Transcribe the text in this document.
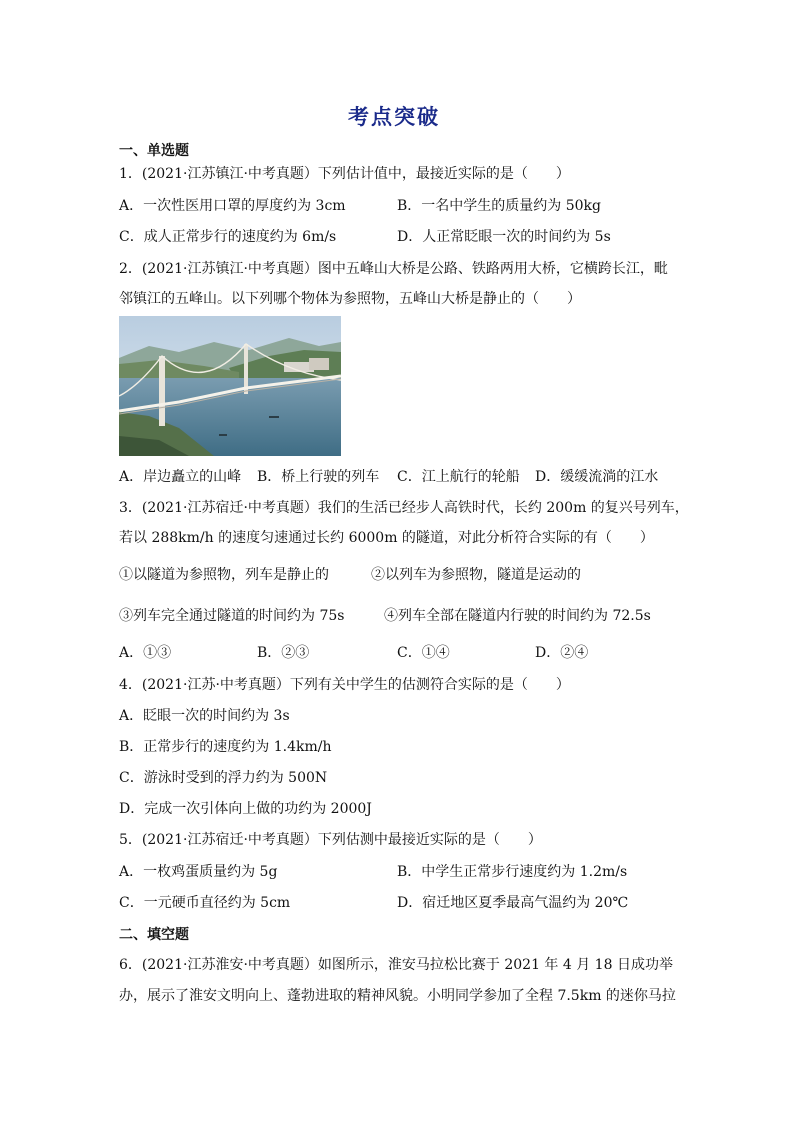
考点突破
一、单选题
1．(2021·江苏镇江·中考真题）下列估计值中，最接近实际的是（　　）
A．一次性医用口罩的厚度约为 3cm	B．一名中学生的质量约为 50kg
C．成人正常步行的速度约为 6m/s	D．人正常眨眼一次的时间约为 5s
2．(2021·江苏镇江·中考真题）图中五峰山大桥是公路、铁路两用大桥，它横跨长江，毗
邻镇江的五峰山。以下列哪个物体为参照物，五峰山大桥是静止的（　　）
A．岸边矗立的山峰 B．桥上行驶的列车 C．江上航行的轮船 D．缓缓流淌的江水
3．(2021·江苏宿迁·中考真题）我们的生活已经步人高铁时代，长约 200m 的复兴号列车，
若以 288km/h 的速度匀速通过长约 6000m 的隧道，对此分析符合实际的有（　　）
①以隧道为参照物，列车是静止的	②以列车为参照物，隧道是运动的
③列车完全通过隧道的时间约为 75s	④列车全部在隧道内行驶的时间约为 72.5s
A．①③	B．②③	C．①④	D．②④
4．(2021·江苏·中考真题）下列有关中学生的估测符合实际的是（　　）
A．眨眼一次的时间约为 3s
B．正常步行的速度约为 1.4km/h
C．游泳时受到的浮力约为 500N
D．完成一次引体向上做的功约为 2000J
5．(2021·江苏宿迁·中考真题）下列估测中最接近实际的是（　　）
A．一枚鸡蛋质量约为 5g	B．中学生正常步行速度约为 1.2m/s
C．一元硬币直径约为 5cm	D．宿迁地区夏季最高气温约为 20℃
二、填空题
6．(2021·江苏淮安·中考真题）如图所示，淮安马拉松比赛于 2021 年 4 月 18 日成功举
办，展示了淮安文明向上、蓬勃进取的精神风貌。小明同学参加了全程 7.5km 的迷你马拉
